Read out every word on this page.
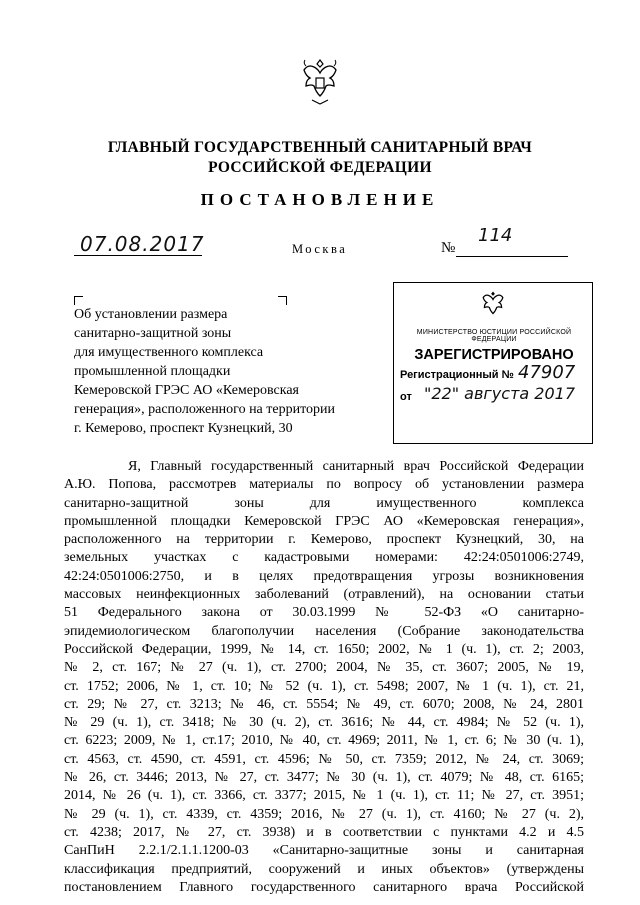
ГЛАВНЫЙ ГОСУДАРСТВЕННЫЙ САНИТАРНЫЙ ВРАЧ
РОССИЙСКОЙ ФЕДЕРАЦИИ
ПОСТАНОВЛЕНИЕ
07.08.2017	Москва	№
114
Об установлении размера
санитарно-защитной зоны
для имущественного комплекса
промышленной площадки
Кемеровской ГРЭС АО «Кемеровская
генерация», расположенного на территории
г. Кемерово, проспект Кузнецкий, 30
МИНИСТЕРСТВО ЮСТИЦИИ РОССИЙСКОЙ ФЕДЕРАЦИИ
ЗАРЕГИСТРИРОВАНО
Регистрационный № 47907
от "22" августа 2017
Я, Главный государственный санитарный врач Российской Федерации
А.Ю. Попова, рассмотрев материалы по вопросу об установлении размера
санитарно-защитной зоны для имущественного комплекса
промышленной площадки Кемеровской ГРЭС АО «Кемеровская генерация»,
расположенного на территории г. Кемерово, проспект Кузнецкий, 30, на
земельных участках с кадастровыми номерами: 42:24:0501006:2749,
42:24:0501006:2750, и в целях предотвращения угрозы возникновения
массовых неинфекционных заболеваний (отравлений), на основании статьи
51 Федерального закона от 30.03.1999 № 52-ФЗ «О санитарно-
эпидемиологическом благополучии населения (Собрание законодательства
Российской Федерации, 1999, № 14, ст. 1650; 2002, № 1 (ч. 1), ст. 2; 2003,
№ 2, ст. 167; № 27 (ч. 1), ст. 2700; 2004, № 35, ст. 3607; 2005, № 19,
ст. 1752; 2006, № 1, ст. 10; № 52 (ч. 1), ст. 5498; 2007, № 1 (ч. 1), ст. 21,
ст. 29; № 27, ст. 3213; № 46, ст. 5554; № 49, ст. 6070; 2008, № 24, 2801
№ 29 (ч. 1), ст. 3418; № 30 (ч. 2), ст. 3616; № 44, ст. 4984; № 52 (ч. 1),
ст. 6223; 2009, № 1, ст.17; 2010, № 40, ст. 4969; 2011, № 1, ст. 6; № 30 (ч. 1),
ст. 4563, ст. 4590, ст. 4591, ст. 4596; № 50, ст. 7359; 2012, № 24, ст. 3069;
№ 26, ст. 3446; 2013, № 27, ст. 3477; № 30 (ч. 1), ст. 4079; № 48, ст. 6165;
2014, № 26 (ч. 1), ст. 3366, ст. 3377; 2015, № 1 (ч. 1), ст. 11; № 27, ст. 3951;
№ 29 (ч. 1), ст. 4339, ст. 4359; 2016, № 27 (ч. 1), ст. 4160; № 27 (ч. 2),
ст. 4238; 2017, № 27, ст. 3938) и в соответствии с пунктами 4.2 и 4.5
СанПиН 2.2.1/2.1.1.1200-03 «Санитарно-защитные зоны и санитарная
классификация предприятий, сооружений и иных объектов» (утверждены
постановлением Главного государственного санитарного врача Российской
